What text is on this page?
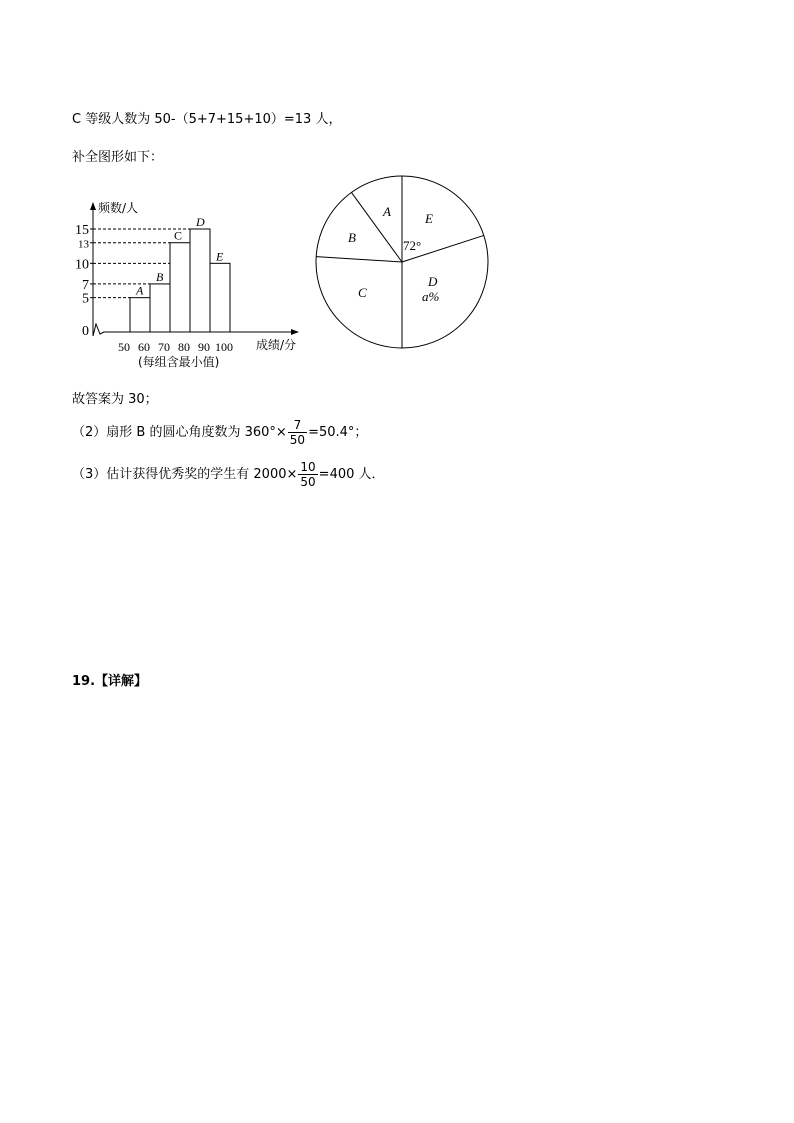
C 等级人数为 50-（5+7+15+10）=13 人，
补全图形如下：
频数/人
成绩/分
(每组含最小值)
0
5
7
10
13
15
50 60 70 80 90 100
A
B
C
D
E
A
B
C
D
a%
E
72°
故答案为 30；
（2）扇形 B 的圆心角度数为 $360^\circ\times \frac{7}{50} =50.4^\circ$；
（3）估计获得优秀奖的学生有 $2000\times \frac{10}{50} =400$ 人．
19.【详解】
